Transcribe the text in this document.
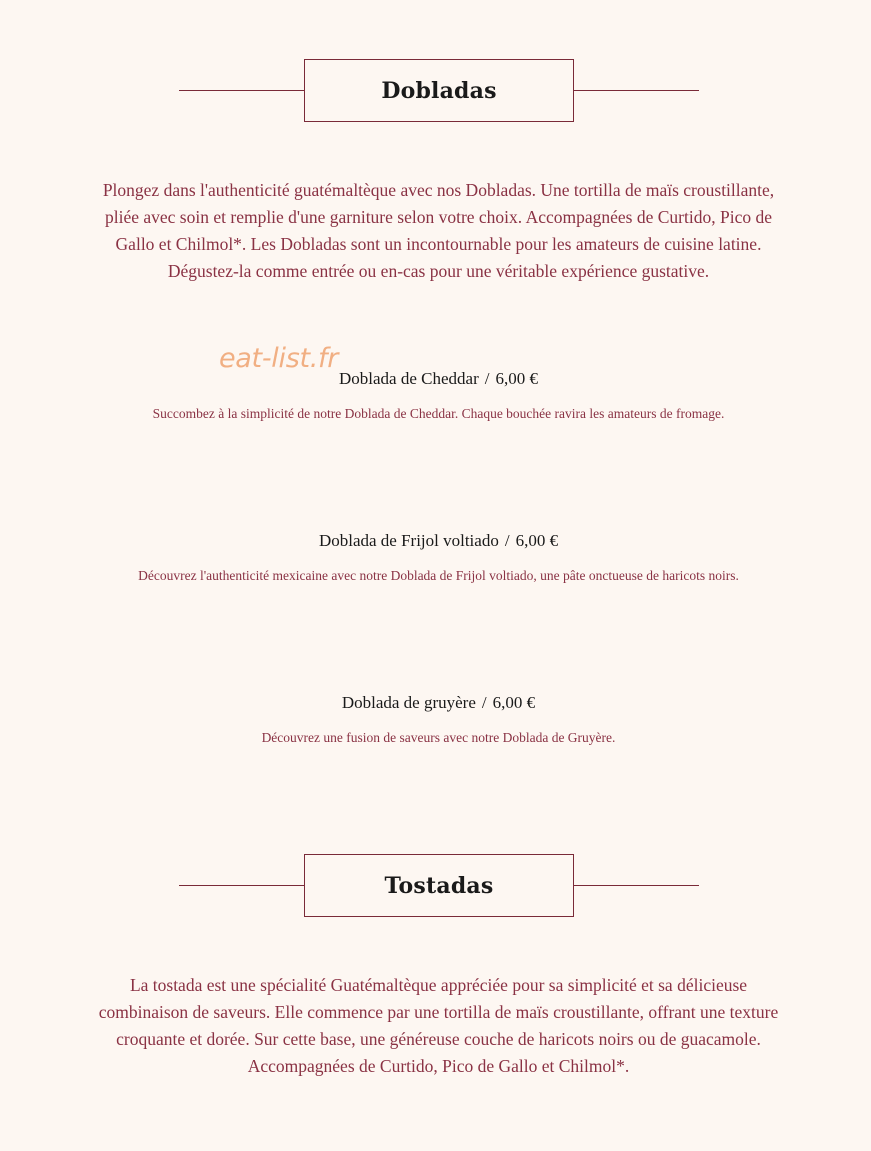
Dobladas

Plongez dans l'authenticité guatémaltèque avec nos Dobladas. Une tortilla de maïs croustillante, pliée avec soin et remplie d'une garniture selon votre choix. Accompagnées de Curtido, Pico de Gallo et Chilmol*. Les Dobladas sont un incontournable pour les amateurs de cuisine latine. Dégustez-la comme entrée ou en-cas pour une véritable expérience gustative.

eat-list.fr
Doblada de Cheddar / 6,00 €
Succombez à la simplicité de notre Doblada de Cheddar. Chaque bouchée ravira les amateurs de fromage.
Doblada de Frijol voltiado / 6,00 €
Découvrez l'authenticité mexicaine avec notre Doblada de Frijol voltiado, une pâte onctueuse de haricots noirs.
Doblada de gruyère / 6,00 €
Découvrez une fusion de saveurs avec notre Doblada de Gruyère.
Tostadas

La tostada est une spécialité Guatémaltèque appréciée pour sa simplicité et sa délicieuse combinaison de saveurs. Elle commence par une tortilla de maïs croustillante, offrant une texture croquante et dorée. Sur cette base, une généreuse couche de haricots noirs ou de guacamole. Accompagnées de Curtido, Pico de Gallo et Chilmol*.
